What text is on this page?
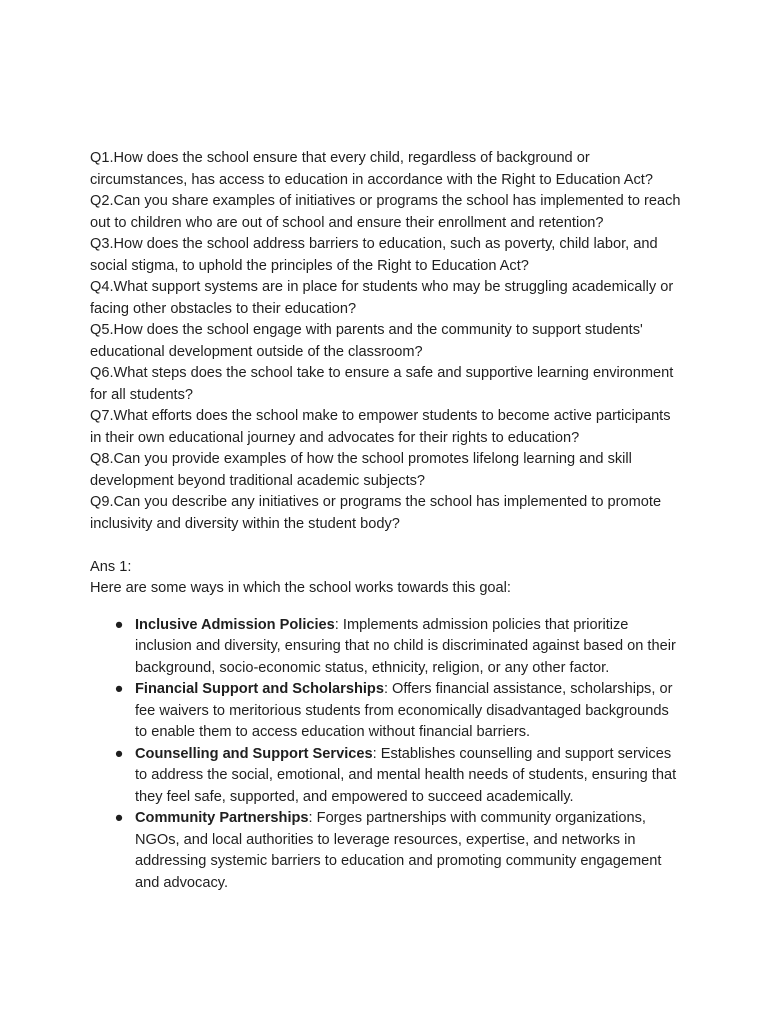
Q1.How does the school ensure that every child, regardless of background or circumstances, has access to education in accordance with the Right to Education Act?

Q2.Can you share examples of initiatives or programs the school has implemented to reach out to children who are out of school and ensure their enrollment and retention?

Q3.How does the school address barriers to education, such as poverty, child labor, and social stigma, to uphold the principles of the Right to Education Act?

Q4.What support systems are in place for students who may be struggling academically or facing other obstacles to their education?

Q5.How does the school engage with parents and the community to support students' educational development outside of the classroom?

Q6.What steps does the school take to ensure a safe and supportive learning environment for all students?

Q7.What efforts does the school make to empower students to become active participants in their own educational journey and advocates for their rights to education?

Q8.Can you provide examples of how the school promotes lifelong learning and skill development beyond traditional academic subjects?

Q9.Can you describe any initiatives or programs the school has implemented to promote inclusivity and diversity within the student body?

Ans 1:

Here are some ways in which the school works towards this goal:

● Inclusive Admission Policies: Implements admission policies that prioritize inclusion and diversity, ensuring that no child is discriminated against based on their background, socio-economic status, ethnicity, religion, or any other factor.
● Financial Support and Scholarships: Offers financial assistance, scholarships, or fee waivers to meritorious students from economically disadvantaged backgrounds to enable them to access education without financial barriers.
● Counselling and Support Services: Establishes counselling and support services to address the social, emotional, and mental health needs of students, ensuring that they feel safe, supported, and empowered to succeed academically.
● Community Partnerships: Forges partnerships with community organizations, NGOs, and local authorities to leverage resources, expertise, and networks in addressing systemic barriers to education and promoting community engagement and advocacy.
